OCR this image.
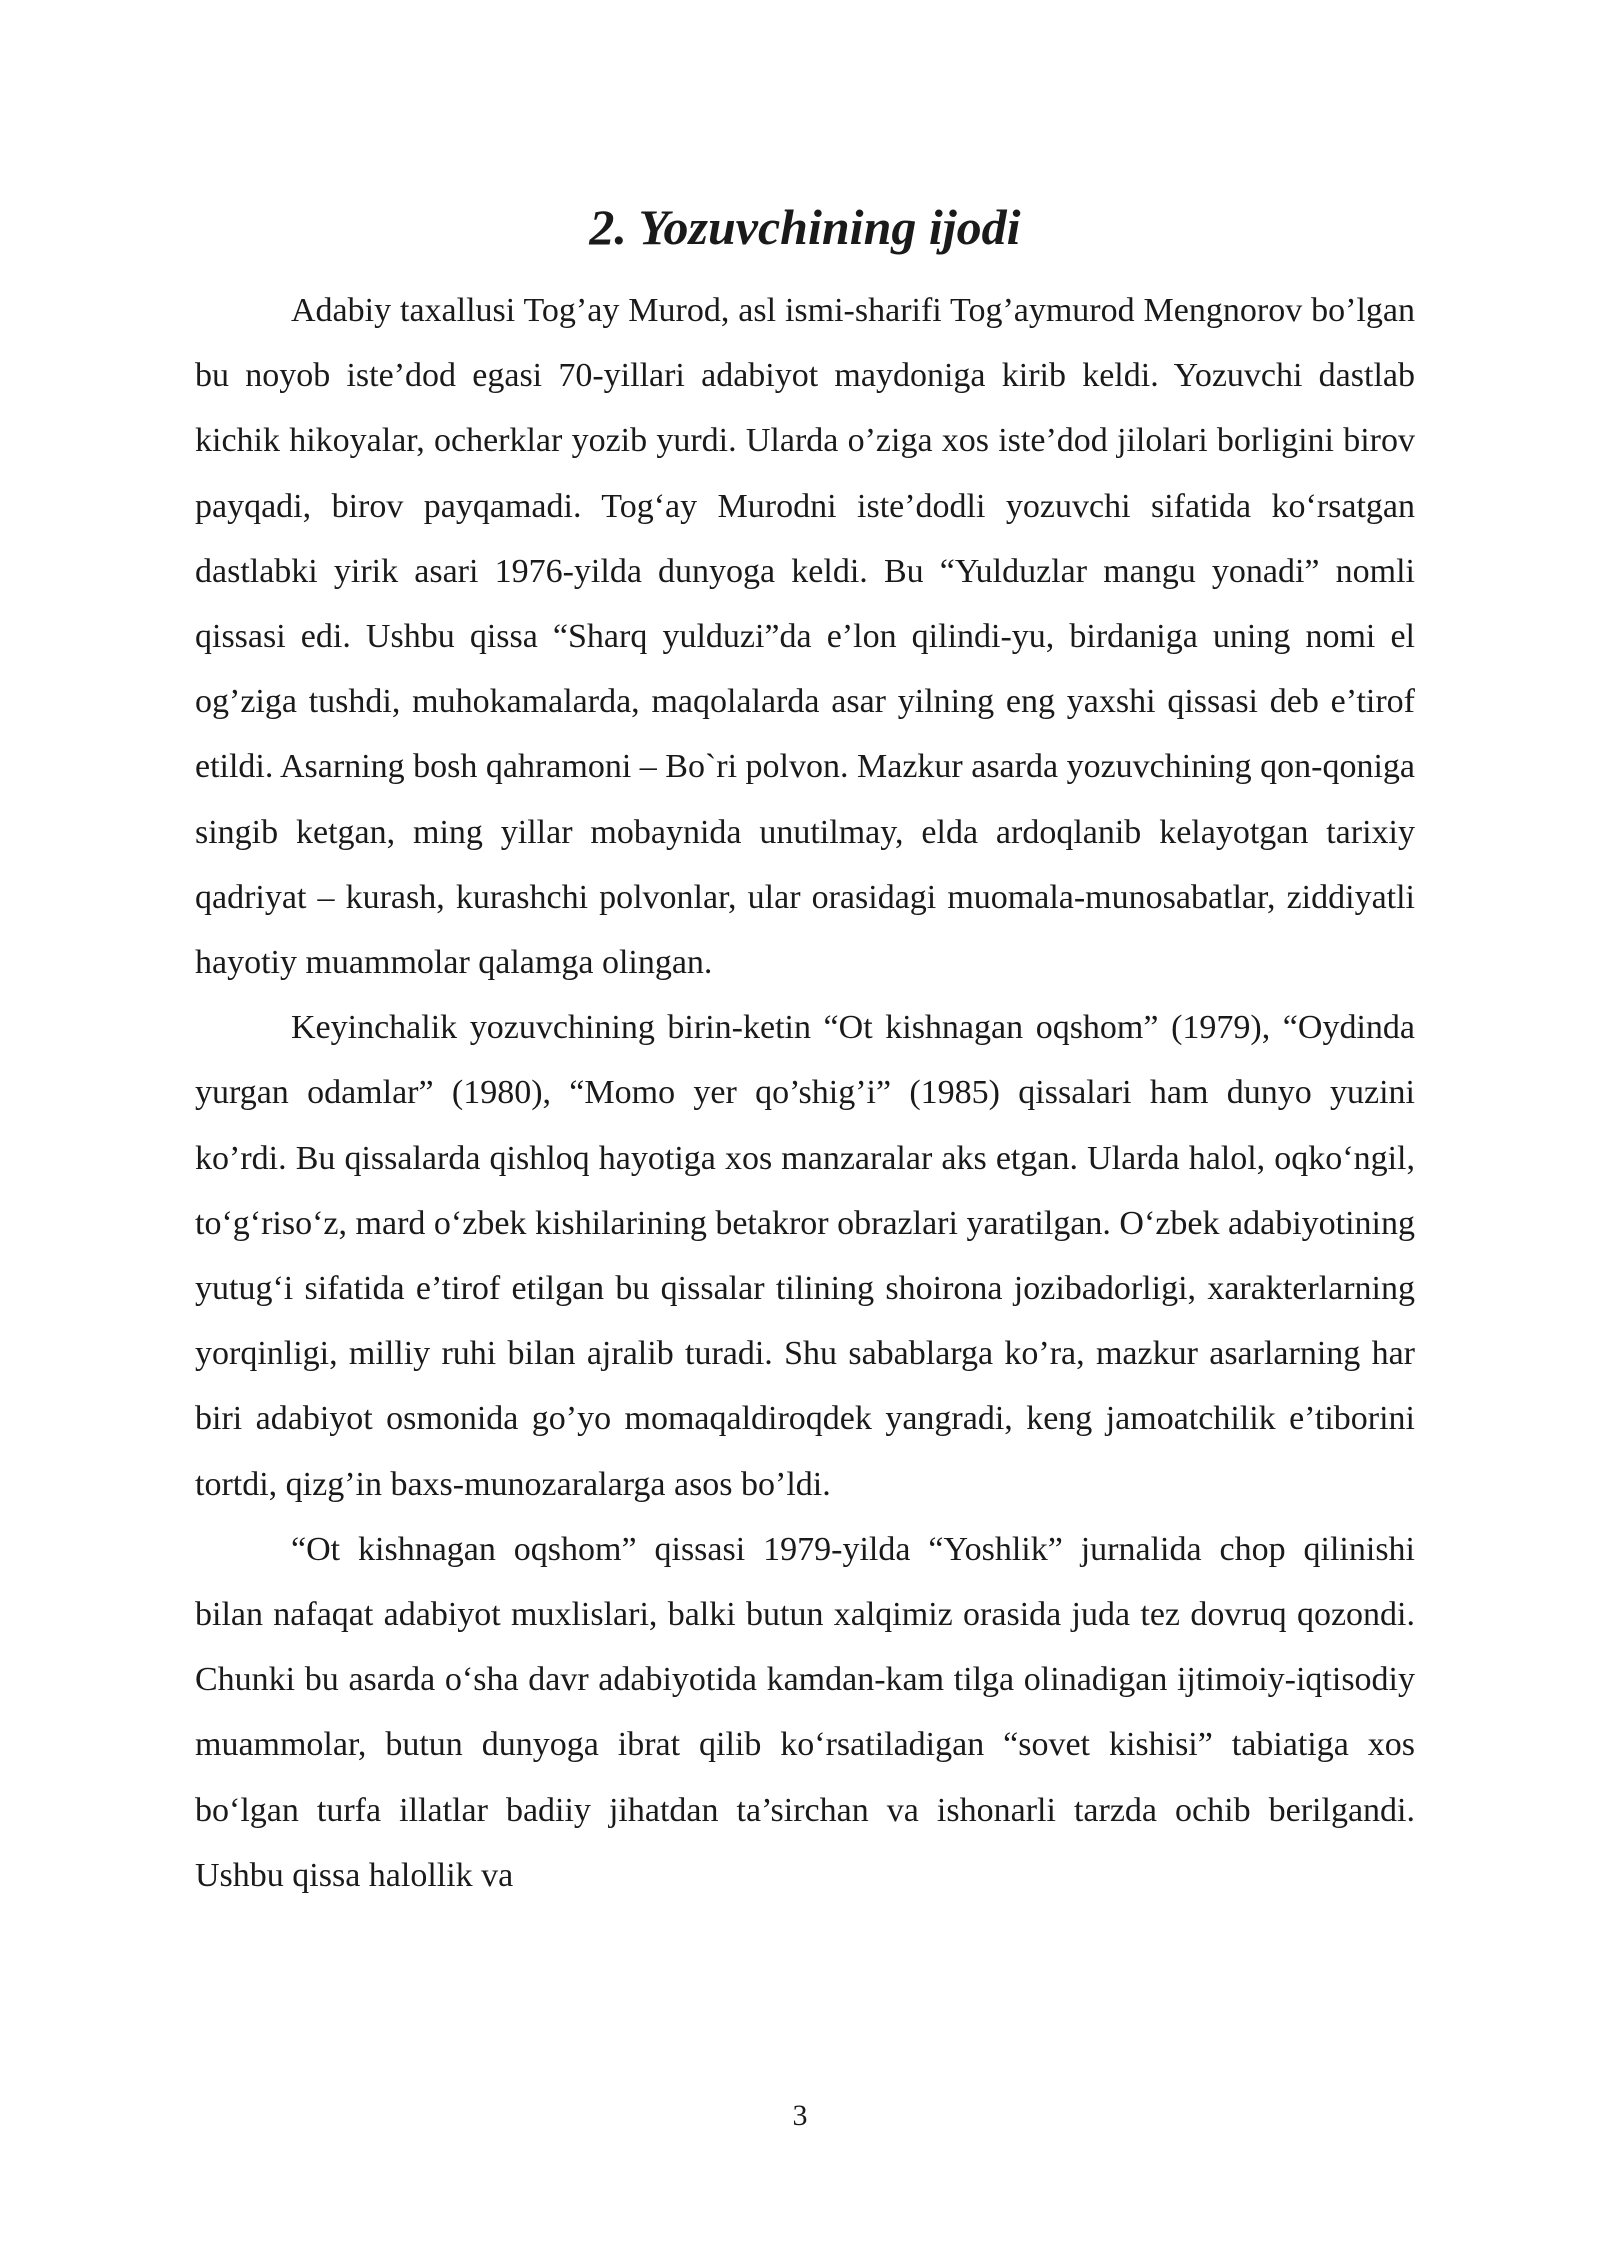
2. Yozuvchining ijodi

Adabiy taxallusi Tog’ay Murod, asl ismi-sharifi Tog’aymurod Mengnorov bo’lgan bu noyob iste’dod egasi 70-yillari adabiyot maydoniga kirib keldi. Yozuvchi dastlab kichik hikoyalar, ocherklar yozib yurdi. Ularda o’ziga xos iste’dod jilolari borligini birov payqadi, birov payqamadi. Tog‘ay Murodni iste’dodli yozuvchi sifatida ko‘rsatgan dastlabki yirik asari 1976-yilda dunyoga keldi. Bu “Yulduzlar mangu yonadi” nomli qissasi edi. Ushbu qissa “Sharq yulduzi”da e’lon qilindi-yu, birdaniga uning nomi el og’ziga tushdi, muhokamalarda, maqolalarda asar yilning eng yaxshi qissasi deb e’tirof etildi. Asarning bosh qahramoni – Bo`ri polvon. Mazkur asarda yozuvchining qon-qoniga singib ketgan, ming yillar mobaynida unutilmay, elda ardoqlanib kelayotgan tarixiy qadriyat – kurash, kurashchi polvonlar, ular orasidagi muomala-munosabatlar, ziddiyatli hayotiy muammolar qalamga olingan.

Keyinchalik yozuvchining birin-ketin “Ot kishnagan oqshom” (1979), “Oydinda yurgan odamlar” (1980), “Momo yer qo’shig’i” (1985) qissalari ham dunyo yuzini ko’rdi. Bu qissalarda qishloq hayotiga xos manzaralar aks etgan. Ularda halol, oqko‘ngil, to‘g‘riso‘z, mard o‘zbek kishilarining betakror obrazlari yaratilgan. O‘zbek adabiyotining yutug‘i sifatida e’tirof etilgan bu qissalar tilining shoirona jozibadorligi, xarakterlarning yorqinligi, milliy ruhi bilan ajralib turadi. Shu sabablarga ko’ra, mazkur asarlarning har biri adabiyot osmonida go’yo momaqaldiroqdek yangradi, keng jamoatchilik e’tiborini tortdi, qizg’in baxs-munozaralarga asos bo’ldi.

“Ot kishnagan oqshom” qissasi 1979-yilda “Yoshlik” jurnalida chop qilinishi bilan nafaqat adabiyot muxlislari, balki butun xalqimiz orasida juda tez dovruq qozondi. Chunki bu asarda o‘sha davr adabiyotida kamdan-kam tilga olinadigan ijtimoiy-iqtisodiy muammolar, butun dunyoga ibrat qilib ko‘rsatiladigan “sovet kishisi” tabiatiga xos bo‘lgan turfa illatlar badiiy jihatdan ta’sirchan va ishonarli tarzda ochib berilgandi. Ushbu qissa halollik va

3
